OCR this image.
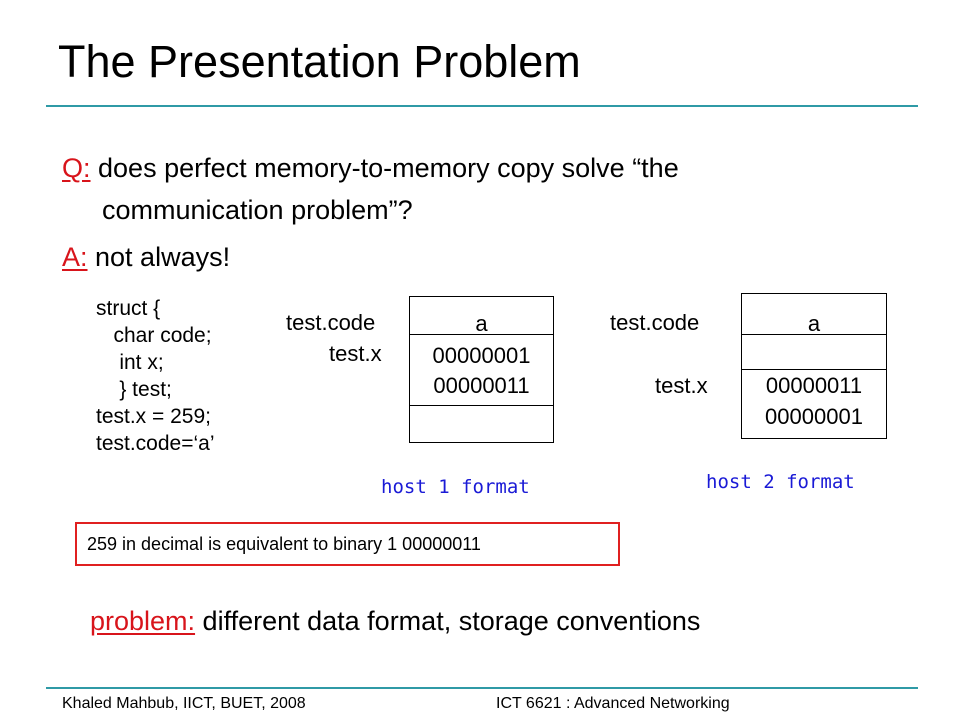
The Presentation Problem
Q: does perfect memory-to-memory copy solve “the
communication problem”?
A: not always!
struct {
char code;
int x;
} test;
test.x = 259;
test.code=‘a’
test.code
test.x
a
00000001
00000011
host 1 format
test.code
test.x
a
00000011
00000001
host 2 format
259 in decimal is equivalent to binary 1 00000011
problem: different data format, storage conventions
Khaled Mahbub, IICT, BUET, 2008	ICT 6621 : Advanced Networking
